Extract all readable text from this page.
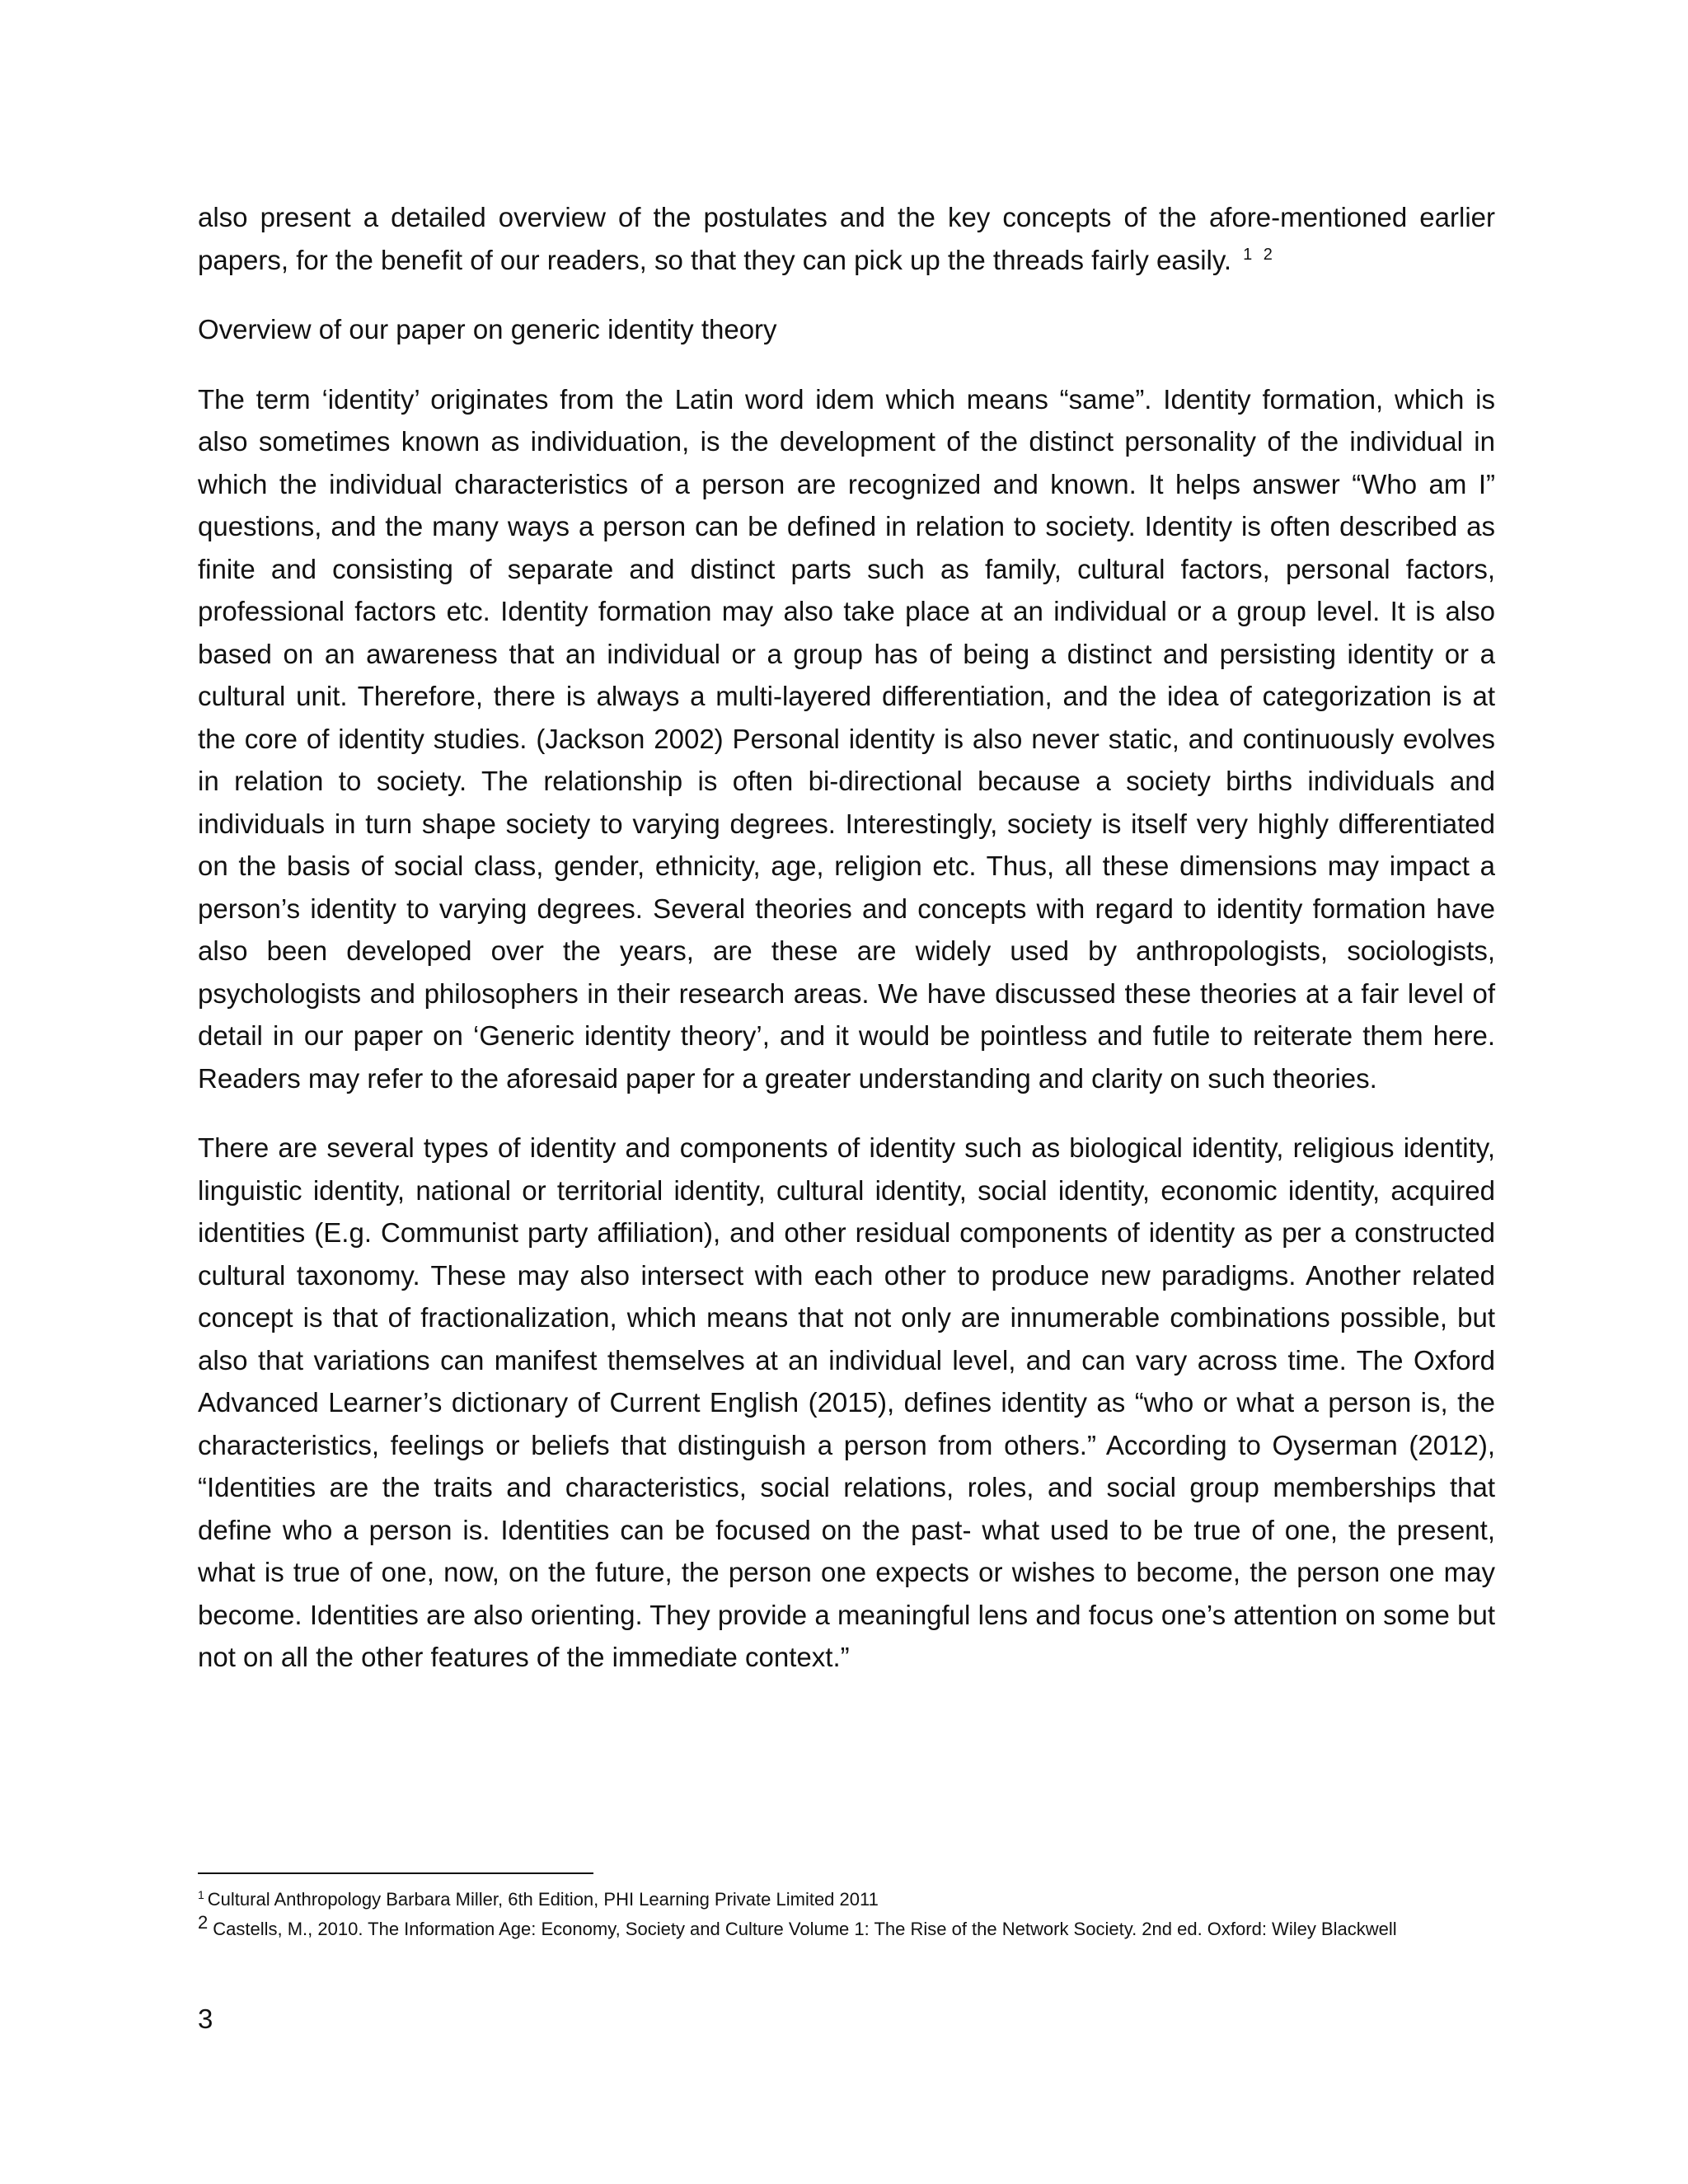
also present a detailed overview of the postulates and the key concepts of the afore-mentioned earlier papers, for the benefit of our readers, so that they can pick up the threads fairly easily. $^{1 2}$

Overview of our paper on generic identity theory

The term ‘identity’ originates from the Latin word idem which means “same”. Identity formation, which is also sometimes known as individuation, is the development of the distinct personality of the individual in which the individual characteristics of a person are recognized and known. It helps answer “Who am I” questions, and the many ways a person can be defined in relation to society. Identity is often described as finite and consisting of separate and distinct parts such as family, cultural factors, personal factors, professional factors etc. Identity formation may also take place at an individual or a group level. It is also based on an awareness that an individual or a group has of being a distinct and persisting identity or a cultural unit. Therefore, there is always a multi-layered differentiation, and the idea of categorization is at the core of identity studies. (Jackson 2002) Personal identity is also never static, and continuously evolves in relation to society. The relationship is often bi-directional because a society births individuals and individuals in turn shape society to varying degrees. Interestingly, society is itself very highly differentiated on the basis of social class, gender, ethnicity, age, religion etc. Thus, all these dimensions may impact a person’s identity to varying degrees. Several theories and concepts with regard to identity formation have also been developed over the years, are these are widely used by anthropologists, sociologists, psychologists and philosophers in their research areas. We have discussed these theories at a fair level of detail in our paper on ‘Generic identity theory’, and it would be pointless and futile to reiterate them here. Readers may refer to the aforesaid paper for a greater understanding and clarity on such theories.

There are several types of identity and components of identity such as biological identity, religious identity, linguistic identity, national or territorial identity, cultural identity, social identity, economic identity, acquired identities (E.g. Communist party affiliation), and other residual components of identity as per a constructed cultural taxonomy. These may also intersect with each other to produce new paradigms. Another related concept is that of fractionalization, which means that not only are innumerable combinations possible, but also that variations can manifest themselves at an individual level, and can vary across time. The Oxford Advanced Learner’s dictionary of Current English (2015), defines identity as “who or what a person is, the characteristics, feelings or beliefs that distinguish a person from others.” According to Oyserman (2012), “Identities are the traits and characteristics, social relations, roles, and social group memberships that define who a person is. Identities can be focused on the past- what used to be true of one, the present, what is true of one, now, on the future, the person one expects or wishes to become, the person one may become. Identities are also orienting. They provide a meaningful lens and focus one’s attention on some but not on all the other features of the immediate context.”

$^1$ Cultural Anthropology Barbara Miller, 6th Edition, PHI Learning Private Limited 2011
2 Castells, M., 2010. The Information Age: Economy, Society and Culture Volume 1: The Rise of the Network Society. 2nd ed. Oxford: Wiley Blackwell
3
